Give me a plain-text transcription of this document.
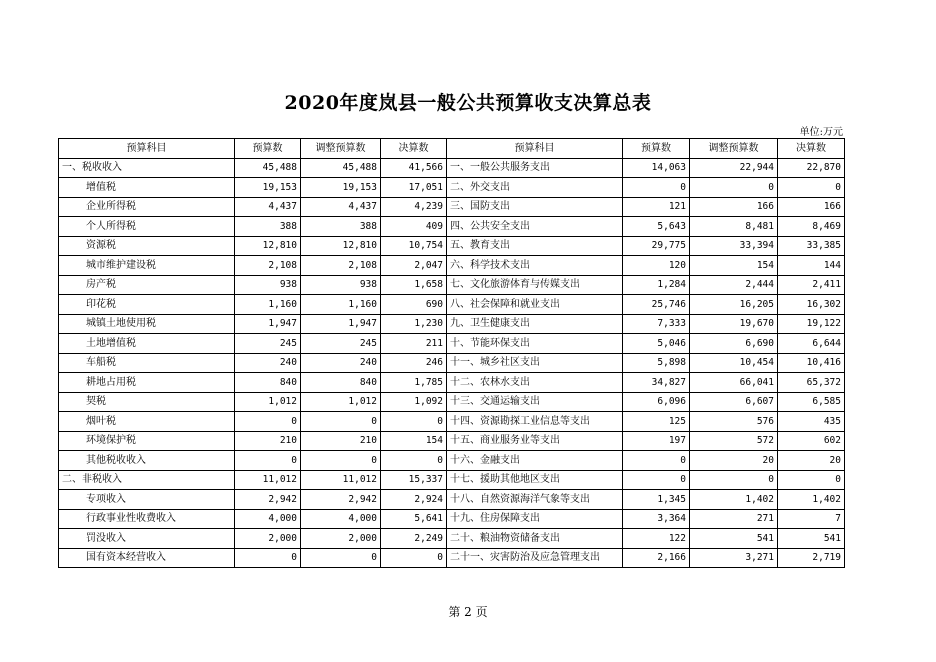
2020年度岚县一般公共预算收支决算总表
单位:万元
预算科目	预算数	调整预算数	决算数	预算科目	预算数	调整预算数	决算数
一、税收收入	45,488	45,488	41,566	一、一般公共服务支出	14,063	22,944	22,870
增值税	19,153	19,153	17,051	二、外交支出	0	0	0
企业所得税	4,437	4,437	4,239	三、国防支出	121	166	166
个人所得税	388	388	409	四、公共安全支出	5,643	8,481	8,469
资源税	12,810	12,810	10,754	五、教育支出	29,775	33,394	33,385
城市维护建设税	2,108	2,108	2,047	六、科学技术支出	120	154	144
房产税	938	938	1,658	七、文化旅游体育与传媒支出	1,284	2,444	2,411
印花税	1,160	1,160	690	八、社会保障和就业支出	25,746	16,205	16,302
城镇土地使用税	1,947	1,947	1,230	九、卫生健康支出	7,333	19,670	19,122
土地增值税	245	245	211	十、节能环保支出	5,046	6,690	6,644
车船税	240	240	246	十一、城乡社区支出	5,898	10,454	10,416
耕地占用税	840	840	1,785	十二、农林水支出	34,827	66,041	65,372
契税	1,012	1,012	1,092	十三、交通运输支出	6,096	6,607	6,585
烟叶税	0	0	0	十四、资源勘探工业信息等支出	125	576	435
环境保护税	210	210	154	十五、商业服务业等支出	197	572	602
其他税收收入	0	0	0	十六、金融支出	0	20	20
二、非税收入	11,012	11,012	15,337	十七、援助其他地区支出	0	0	0
专项收入	2,942	2,942	2,924	十八、自然资源海洋气象等支出	1,345	1,402	1,402
行政事业性收费收入	4,000	4,000	5,641	十九、住房保障支出	3,364	271	7
罚没收入	2,000	2,000	2,249	二十、粮油物资储备支出	122	541	541
国有资本经营收入	0	0	0	二十一、灾害防治及应急管理支出	2,166	3,271	2,719
第 2 页
